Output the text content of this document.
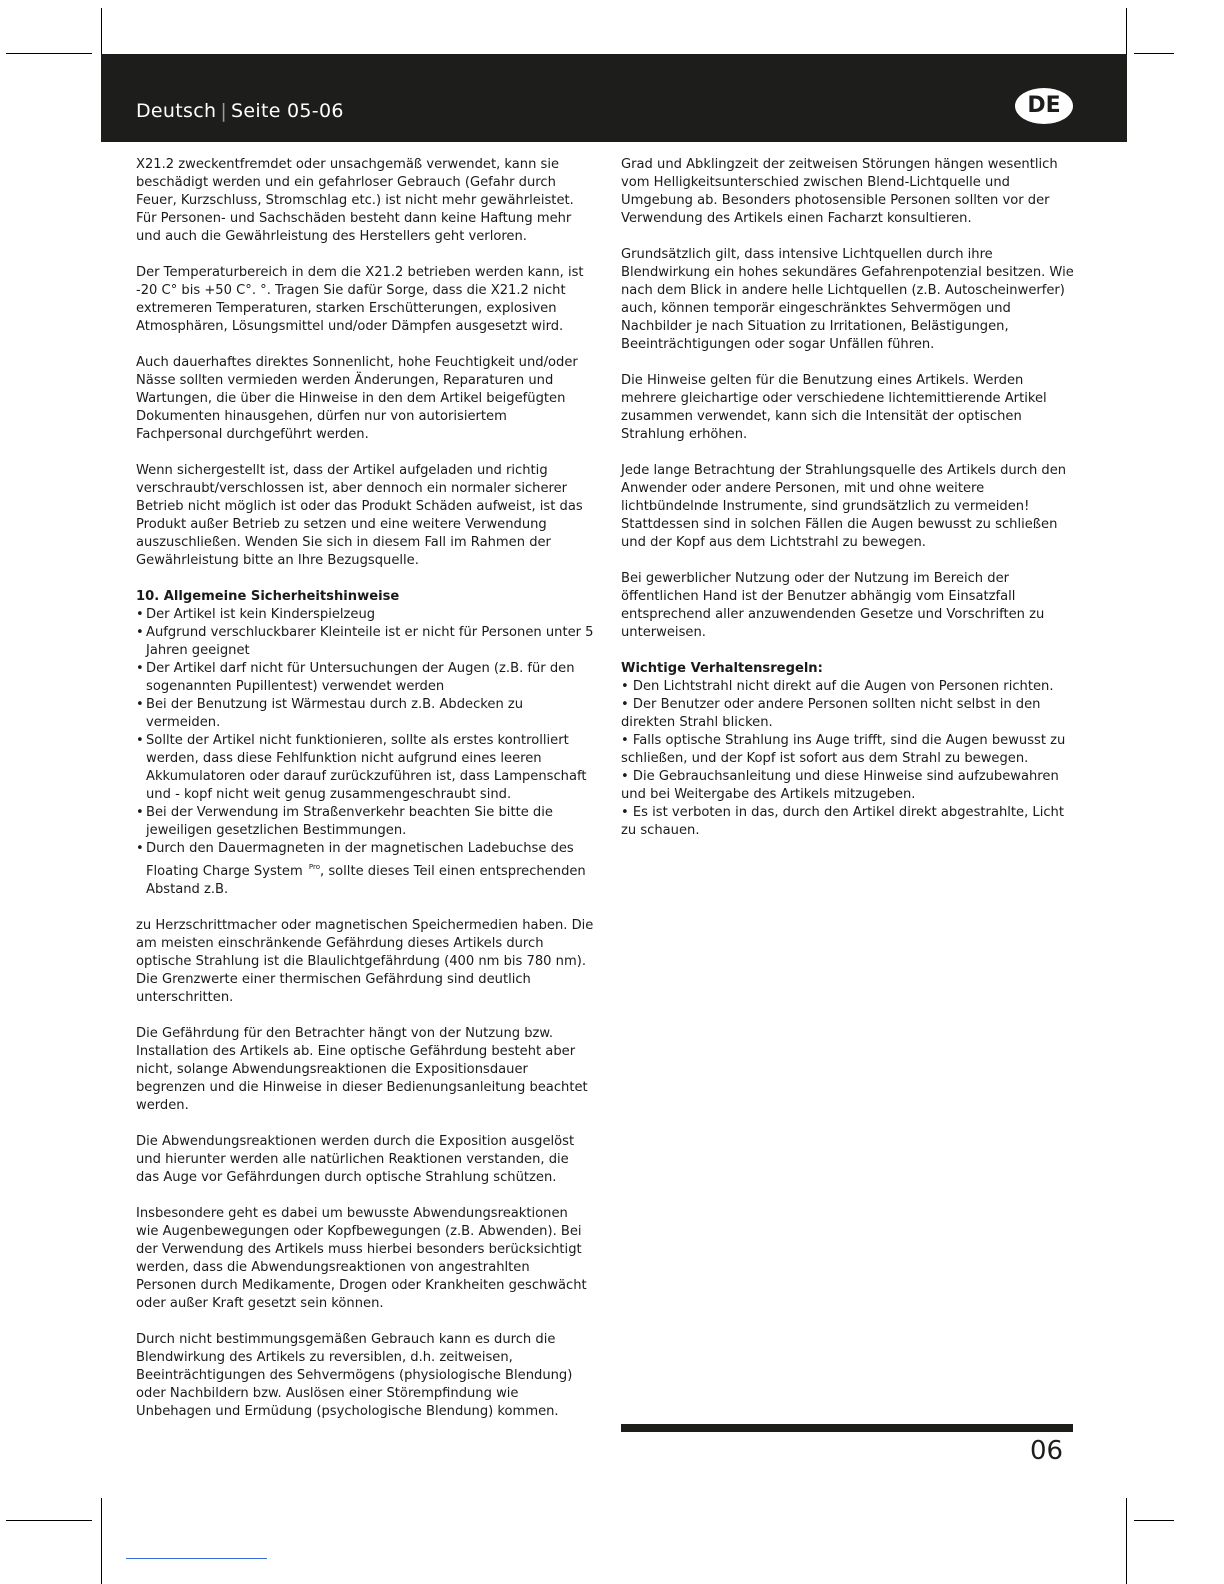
Deutsch | Seite 05-06	DE

X21.2 zweckentfremdet oder unsachgemäß verwendet, kann sie beschädigt werden und ein gefahrloser Gebrauch (Gefahr durch Feuer, Kurzschluss, Stromschlag etc.) ist nicht mehr gewährleistet. Für Personen- und Sachschäden besteht dann keine Haftung mehr und auch die Gewährleistung des Herstellers geht verloren.

Der Temperaturbereich in dem die X21.2 betrieben werden kann, ist -20 C° bis +50 C°. °. Tragen Sie dafür Sorge, dass die X21.2 nicht extremeren Temperaturen, starken Erschütterungen, explosiven Atmosphären, Lösungsmittel und/oder Dämpfen ausgesetzt wird.

Auch dauerhaftes direktes Sonnenlicht, hohe Feuchtigkeit und/oder Nässe sollten vermieden werden Änderungen, Reparaturen und Wartungen, die über die Hinweise in den dem Artikel beigefügten Dokumenten hinausgehen, dürfen nur von autorisiertem Fachpersonal durchgeführt werden.

Wenn sichergestellt ist, dass der Artikel aufgeladen und richtig verschraubt/verschlossen ist, aber dennoch ein normaler sicherer Betrieb nicht möglich ist oder das Produkt Schäden aufweist, ist das Produkt außer Betrieb zu setzen und eine weitere Verwendung auszuschließen. Wenden Sie sich in diesem Fall im Rahmen der Gewährleistung bitte an Ihre Bezugsquelle.

10. Allgemeine Sicherheitshinweise
• Der Artikel ist kein Kinderspielzeug
• Aufgrund verschluckbarer Kleinteile ist er nicht für Personen unter 5 Jahren geeignet
• Der Artikel darf nicht für Untersuchungen der Augen (z.B. für den sogenannten Pupillentest) verwendet werden
• Bei der Benutzung ist Wärmestau durch z.B. Abdecken zu vermeiden.
• Sollte der Artikel nicht funktionieren, sollte als erstes kontrolliert werden, dass diese Fehlfunktion nicht aufgrund eines leeren Akkumulatoren oder darauf zurückzuführen ist, dass Lampenschaft und - kopf nicht weit genug zusammengeschraubt sind.
• Bei der Verwendung im Straßenverkehr beachten Sie bitte die jeweiligen gesetzlichen Bestimmungen.
• Durch den Dauermagneten in der magnetischen Ladebuchse des Floating Charge System $^{Pro}$, sollte dieses Teil einen entsprechenden Abstand z.B.

zu Herzschrittmacher oder magnetischen Speichermedien haben. Die am meisten einschränkende Gefährdung dieses Artikels durch optische Strahlung ist die Blaulichtgefährdung (400 nm bis 780 nm). Die Grenzwerte einer thermischen Gefährdung sind deutlich unterschritten.

Die Gefährdung für den Betrachter hängt von der Nutzung bzw. Installation des Artikels ab. Eine optische Gefährdung besteht aber nicht, solange Abwendungsreaktionen die Expositionsdauer begrenzen und die Hinweise in dieser Bedienungsanleitung beachtet werden.

Die Abwendungsreaktionen werden durch die Exposition ausgelöst und hierunter werden alle natürlichen Reaktionen verstanden, die das Auge vor Gefährdungen durch optische Strahlung schützen.

Insbesondere geht es dabei um bewusste Abwendungsreaktionen wie Augenbewegungen oder Kopfbewegungen (z.B. Abwenden). Bei der Verwendung des Artikels muss hierbei besonders berücksichtigt werden, dass die Abwendungsreaktionen von angestrahlten Personen durch Medikamente, Drogen oder Krankheiten geschwächt oder außer Kraft gesetzt sein können.

Durch nicht bestimmungsgemäßen Gebrauch kann es durch die Blendwirkung des Artikels zu reversiblen, d.h. zeitweisen, Beeinträchtigungen des Sehvermögens (physiologische Blendung) oder Nachbildern bzw. Auslösen einer Störempfindung wie Unbehagen und Ermüdung (psychologische Blendung) kommen.

Grad und Abklingzeit der zeitweisen Störungen hängen wesentlich vom Helligkeitsunterschied zwischen Blend-Lichtquelle und Umgebung ab. Besonders photosensible Personen sollten vor der Verwendung des Artikels einen Facharzt konsultieren.

Grundsätzlich gilt, dass intensive Lichtquellen durch ihre Blendwirkung ein hohes sekundäres Gefahrenpotenzial besitzen. Wie nach dem Blick in andere helle Lichtquellen (z.B. Autoscheinwerfer) auch, können temporär eingeschränktes Sehvermögen und Nachbilder je nach Situation zu Irritationen, Belästigungen, Beeinträchtigungen oder sogar Unfällen führen.

Die Hinweise gelten für die Benutzung eines Artikels. Werden mehrere gleichartige oder verschiedene lichtemittierende Artikel zusammen verwendet, kann sich die Intensität der optischen Strahlung erhöhen.

Jede lange Betrachtung der Strahlungsquelle des Artikels durch den Anwender oder andere Personen, mit und ohne weitere lichtbündelnde Instrumente, sind grundsätzlich zu vermeiden! Stattdessen sind in solchen Fällen die Augen bewusst zu schließen und der Kopf aus dem Lichtstrahl zu bewegen.

Bei gewerblicher Nutzung oder der Nutzung im Bereich der öffentlichen Hand ist der Benutzer abhängig vom Einsatzfall entsprechend aller anzuwendenden Gesetze und Vorschriften zu unterweisen.

Wichtige Verhaltensregeln:
• Den Lichtstrahl nicht direkt auf die Augen von Personen richten.
• Der Benutzer oder andere Personen sollten nicht selbst in den direkten Strahl blicken.
• Falls optische Strahlung ins Auge trifft, sind die Augen bewusst zu schließen, und der Kopf ist sofort aus dem Strahl zu bewegen.
• Die Gebrauchsanleitung und diese Hinweise sind aufzubewahren und bei Weitergabe des Artikels mitzugeben.
• Es ist verboten in das, durch den Artikel direkt abgestrahlte, Licht zu schauen.
06
